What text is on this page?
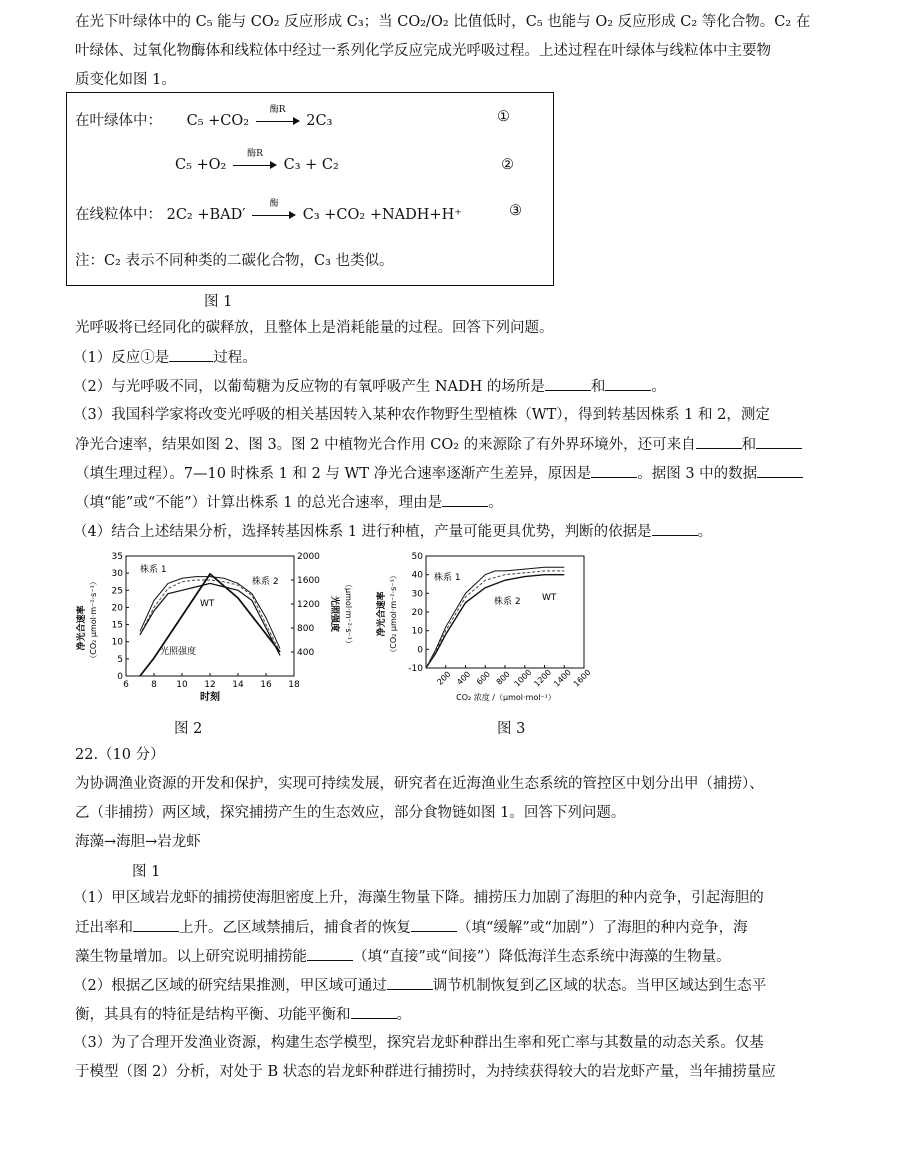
在光下叶绿体中的 C₅ 能与 CO₂ 反应形成 C₃；当 CO₂/O₂ 比值低时，C₅ 也能与 O₂ 反应形成 C₂ 等化合物。C₂ 在
叶绿体、过氧化物酶体和线粒体中经过一系列化学反应完成光呼吸过程。上述过程在叶绿体与线粒体中主要物
质变化如图 1。
在叶绿体中： C₅ +CO₂
酶R
2C₃	①
C₅ +O₂
酶R
C₃ + C₂	②
在线粒体中： 2C₂ +BAD′
酶
C₃ +CO₂ +NADH+H⁺	③
注：C₂ 表示不同种类的二碳化合物，C₃ 也类似。
图 1
光呼吸将已经同化的碳释放，且整体上是消耗能量的过程。回答下列问题。
（1）反应①是	过程。
（2）与光呼吸不同，以葡萄糖为反应物的有氧呼吸产生 NADH 的场所是	和	。
（3）我国科学家将改变光呼吸的相关基因转入某种农作物野生型植株（WT），得到转基因株系 1 和 2，测定
净光合速率，结果如图 2、图 3。图 2 中植物光合作用 CO₂ 的来源除了有外界环境外，还可来自	和
（填生理过程）。7—10 时株系 1 和 2 与 WT 净光合速率逐渐产生差异，原因是	。据图 3 中的数据
（填“能”或“不能”）计算出株系 1 的总光合速率，理由是	。
（4）结合上述结果分析，选择转基因株系 1 进行种植，产量可能更具优势，判断的依据是	。
6 8 10 12 14 16 18
0
5
10
15
20
25
30
35
400
800
1200
1600
2000
净光合速率 （CO₂ μmol·m⁻²·s⁻¹）	光照强度 （μmol·m⁻²·s⁻¹）
时刻
株系 1
株系 2
WT
光照强度
图 2
-10
0
10
20
30
40
50
200 400 600 800 1000
1200
1400
1600
净光合速率 （CO₂ μmol·m⁻²·s⁻¹）
CO₂ 浓度 /（μmol·mol⁻¹）
株系 1
株系 2 WT
图 3
22.（10 分）
为协调渔业资源的开发和保护，实现可持续发展，研究者在近海渔业生态系统的管控区中划分出甲（捕捞）、
乙（非捕捞）两区域，探究捕捞产生的生态效应，部分食物链如图 1。回答下列问题。
海藻→海胆→岩龙虾
图 1
（1）甲区域岩龙虾的捕捞使海胆密度上升，海藻生物量下降。捕捞压力加剧了海胆的种内竞争，引起海胆的
迁出率和	上升。乙区域禁捕后，捕食者的恢复	（填“缓解”或“加剧”）了海胆的种内竞争，海
藻生物量增加。以上研究说明捕捞能	（填“直接”或“间接”）降低海洋生态系统中海藻的生物量。
（2）根据乙区域的研究结果推测，甲区域可通过	调节机制恢复到乙区域的状态。当甲区域达到生态平
衡，其具有的特征是结构平衡、功能平衡和	。
（3）为了合理开发渔业资源，构建生态学模型，探究岩龙虾种群出生率和死亡率与其数量的动态关系。仅基
于模型（图 2）分析，对处于 B 状态的岩龙虾种群进行捕捞时，为持续获得较大的岩龙虾产量，当年捕捞量应
